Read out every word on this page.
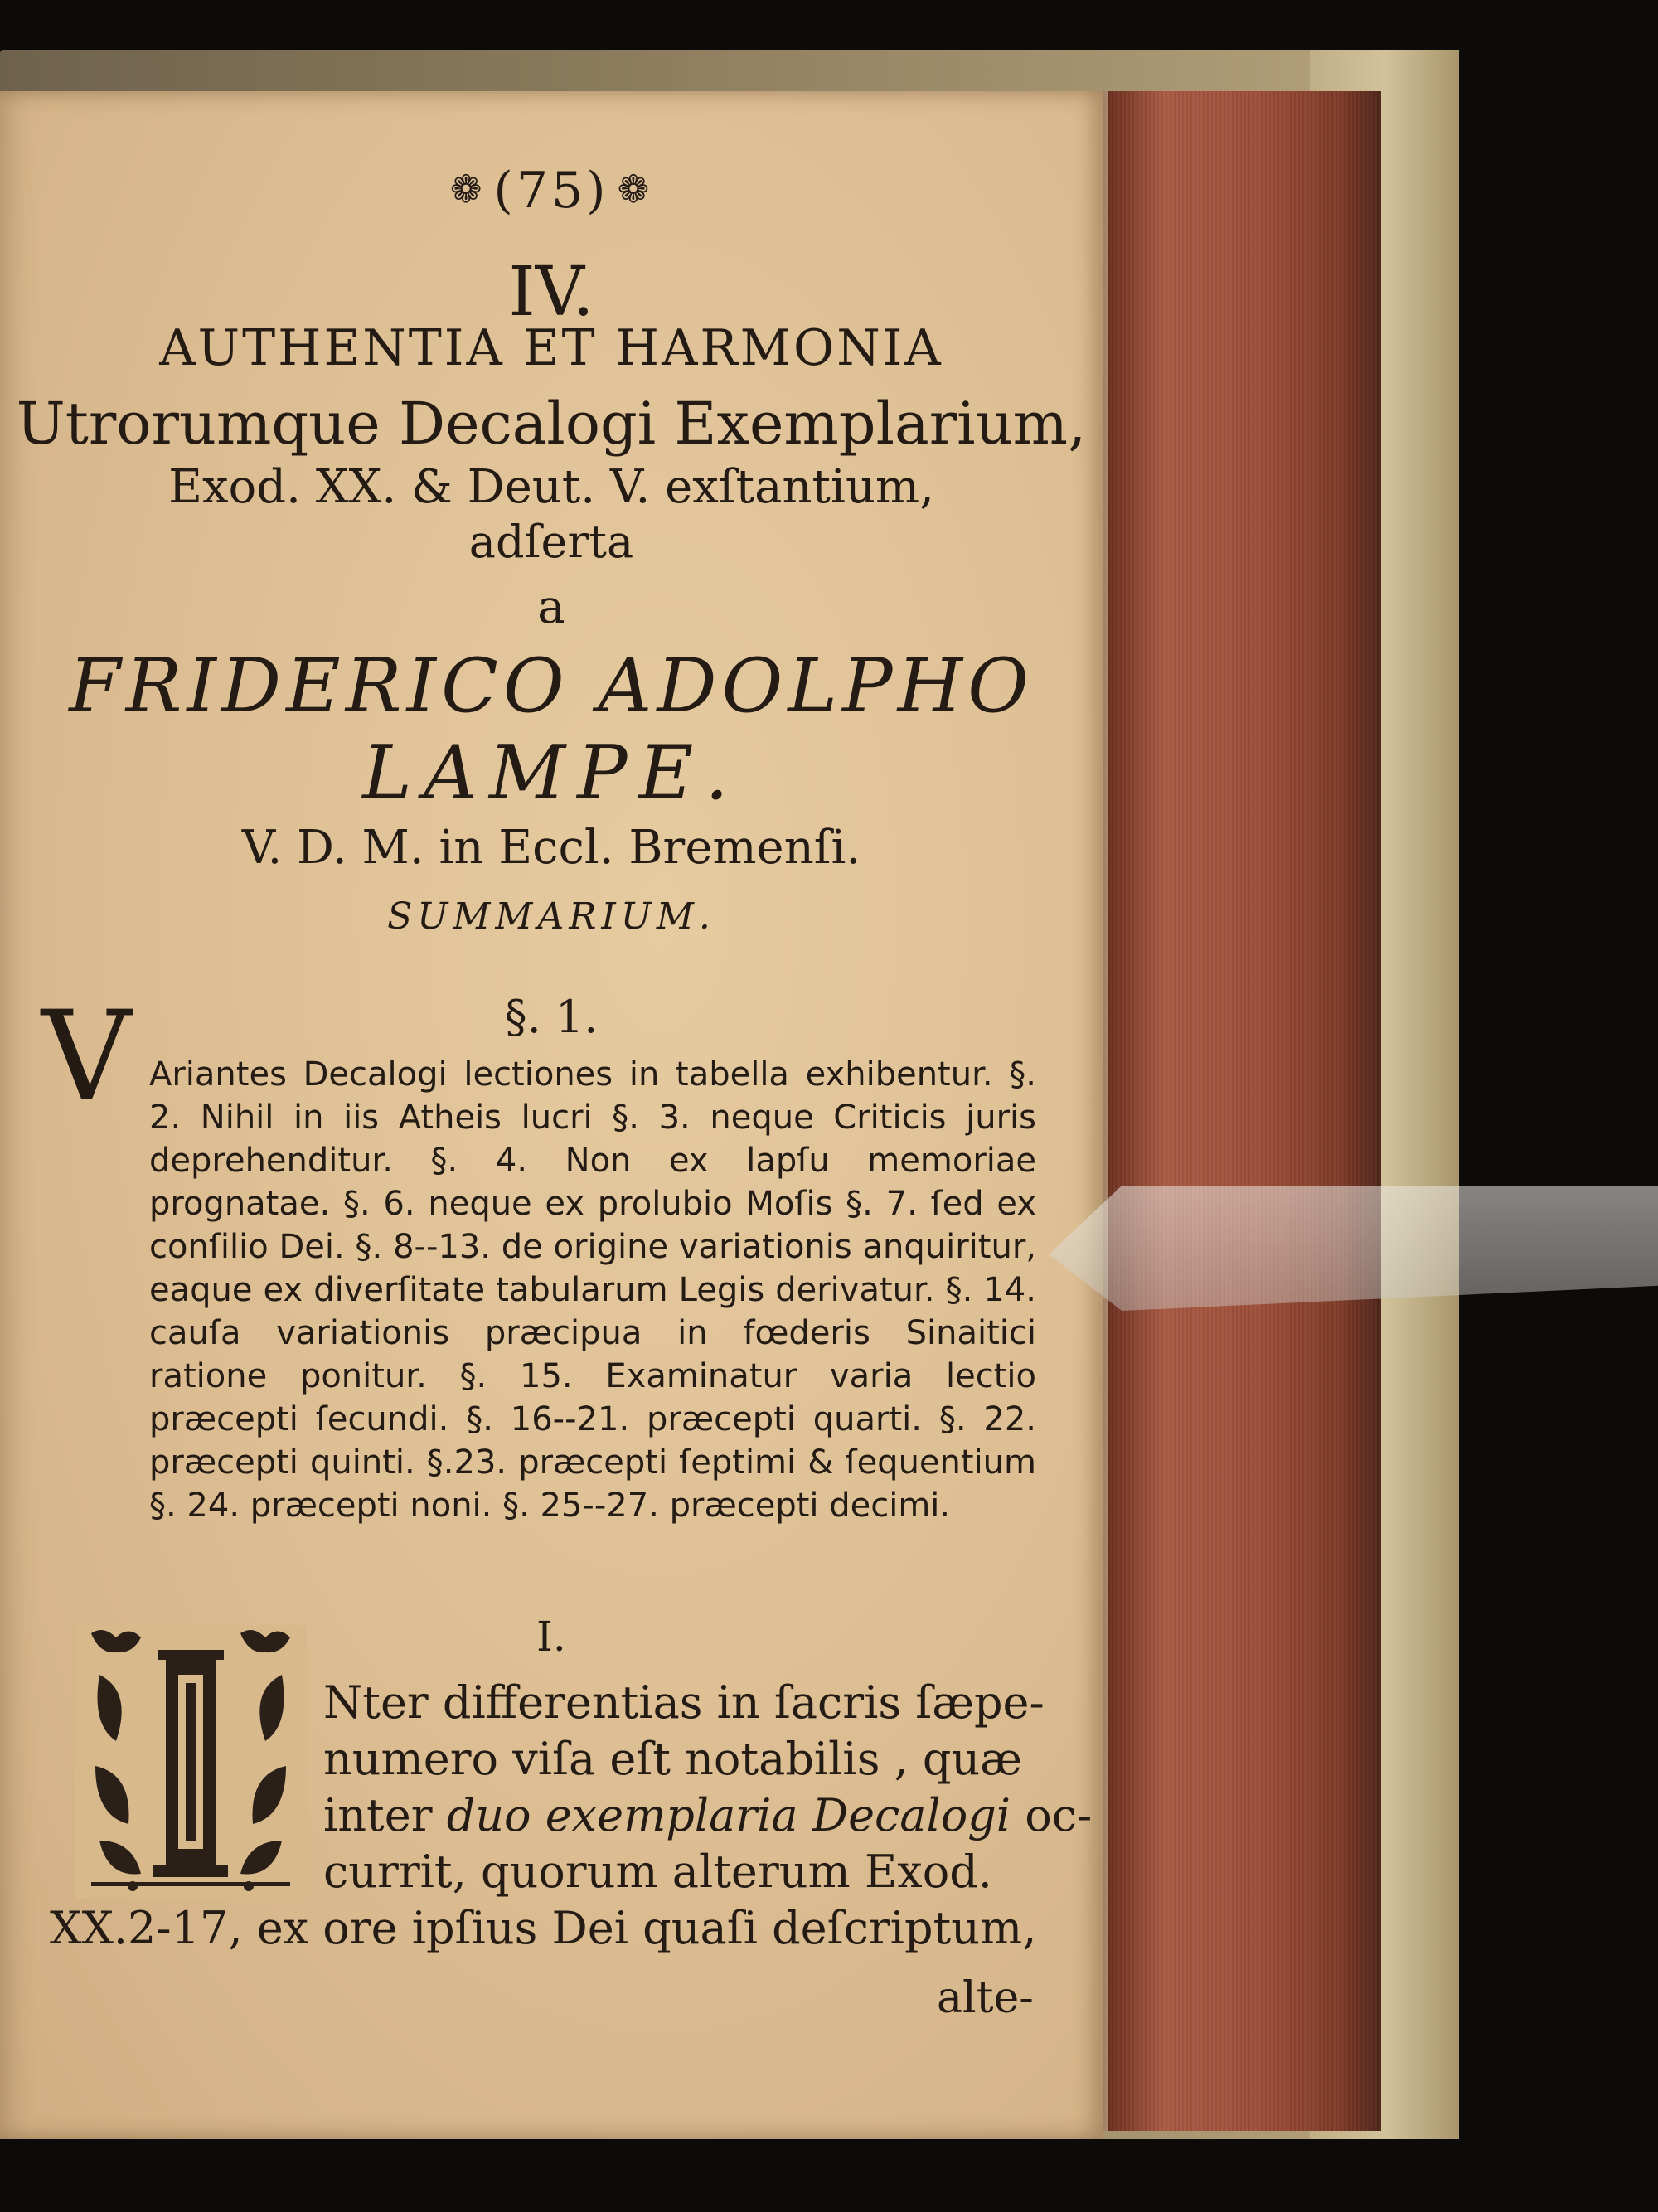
❁ (75) ❁
IV.
AUTHENTIA ET HARMONIA
Utrorumque Decalogi Exemplarium,
Exod. XX. & Deut. V. exſtantium,
adſerta
a
FRIDERICO ADOLPHO
LAMPE.
V. D. M. in Eccl. Bremenſi.
SUMMARIUM.
§. 1.
V Ariantes Decalogi lectiones in tabella exhibentur. §. 2. Nihil in iis Atheis lucri §. 3. neque Criticis juris deprehenditur. §. 4. Non ex lapſu memoriae prognatae. §. 6. neque ex prolubio Moſis §. 7. ſed ex conſilio Dei. §. 8--13. de origine variationis anquiritur, eaque ex diverſitate tabularum Legis derivatur. §. 14. cauſa variationis præcipua in fœderis Sinaitici ratione ponitur. §. 15. Examinatur varia lectio præcepti ſecundi. §. 16--21. præcepti quarti. §. 22. præcepti quinti. §.23. præcepti ſeptimi & ſequentium §. 24. præcepti noni. §. 25--27. præcepti decimi.
I.
Nter differentias in ſacris ſæpe-
numero viſa eſt notabilis , quæ
inter duo exemplaria Decalogi oc-
currit, quorum alterum Exod.
XX.2-17, ex ore ipſius Dei quaſi deſcriptum,
alte-
